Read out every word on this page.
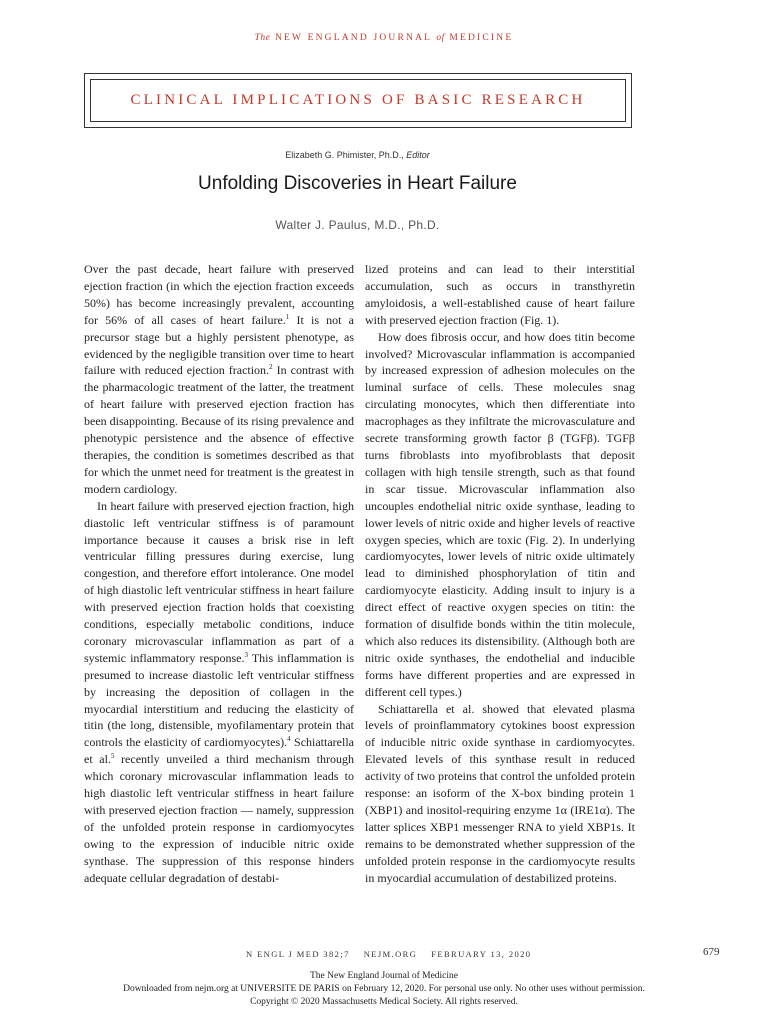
The NEW ENGLAND JOURNAL of MEDICINE
CLINICAL IMPLICATIONS OF BASIC RESEARCH
Elizabeth G. Phimister, Ph.D., Editor
Unfolding Discoveries in Heart Failure
Walter J. Paulus, M.D., Ph.D.

Over the past decade, heart failure with preserved ejection fraction (in which the ejection fraction exceeds 50%) has become increasingly prevalent, accounting for 56% of all cases of heart failure.$^1$ It is not a precursor stage but a highly persistent phenotype, as evidenced by the negligible transition over time to heart failure with reduced ejection fraction.$^2$ In contrast with the pharmacologic treatment of the latter, the treatment of heart failure with preserved ejection fraction has been disappointing. Because of its rising prevalence and phenotypic persistence and the absence of effective therapies, the condition is sometimes described as that for which the unmet need for treatment is the greatest in modern cardiology.

In heart failure with preserved ejection fraction, high diastolic left ventricular stiffness is of paramount importance because it causes a brisk rise in left ventricular filling pressures during exercise, lung congestion, and therefore effort intolerance. One model of high diastolic left ventricular stiffness in heart failure with preserved ejection fraction holds that coexisting conditions, especially metabolic conditions, induce coronary microvascular inflammation as part of a systemic inflammatory response.$^3$ This inflammation is presumed to increase diastolic left ventricular stiffness by increasing the deposition of collagen in the myocardial interstitium and reducing the elasticity of titin (the long, distensible, myofilamentary protein that controls the elasticity of cardiomyocytes).$^4$ Schiattarella et al.$^5$ recently unveiled a third mechanism through which coronary microvascular inflammation leads to high diastolic left ventricular stiffness in heart failure with preserved ejection fraction — namely, suppression of the unfolded protein response in cardiomyocytes owing to the expression of inducible nitric oxide synthase. The suppression of this response hinders adequate cellular degradation of destabi-

lized proteins and can lead to their interstitial accumulation, such as occurs in transthyretin amyloidosis, a well-established cause of heart failure with preserved ejection fraction (Fig. 1).

How does fibrosis occur, and how does titin become involved? Microvascular inflammation is accompanied by increased expression of adhesion molecules on the luminal surface of cells. These molecules snag circulating monocytes, which then differentiate into macrophages as they infiltrate the microvasculature and secrete transforming growth factor β (TGFβ). TGFβ turns fibroblasts into myofibroblasts that deposit collagen with high tensile strength, such as that found in scar tissue. Microvascular inflammation also uncouples endothelial nitric oxide synthase, leading to lower levels of nitric oxide and higher levels of reactive oxygen species, which are toxic (Fig. 2). In underlying cardiomyocytes, lower levels of nitric oxide ultimately lead to diminished phosphorylation of titin and cardiomyocyte elasticity. Adding insult to injury is a direct effect of reactive oxygen species on titin: the formation of disulfide bonds within the titin molecule, which also reduces its distensibility. (Although both are nitric oxide synthases, the endothelial and inducible forms have different properties and are expressed in different cell types.)

Schiattarella et al. showed that elevated plasma levels of proinflammatory cytokines boost expression of inducible nitric oxide synthase in cardiomyocytes. Elevated levels of this synthase result in reduced activity of two proteins that control the unfolded protein response: an isoform of the X-box binding protein 1 (XBP1) and inositol-requiring enzyme 1α (IRE1α). The latter splices XBP1 messenger RNA to yield XBP1s. It remains to be demonstrated whether suppression of the unfolded protein response in the cardiomyocyte results in myocardial accumulation of destabilized proteins.

N ENGL J MED 382;7 NEJM.ORG FEBRUARY 13, 2020	679
The New England Journal of Medicine
Downloaded from nejm.org at UNIVERSITE DE PARIS on February 12, 2020. For personal use only. No other uses without permission.
Copyright © 2020 Massachusetts Medical Society. All rights reserved.
